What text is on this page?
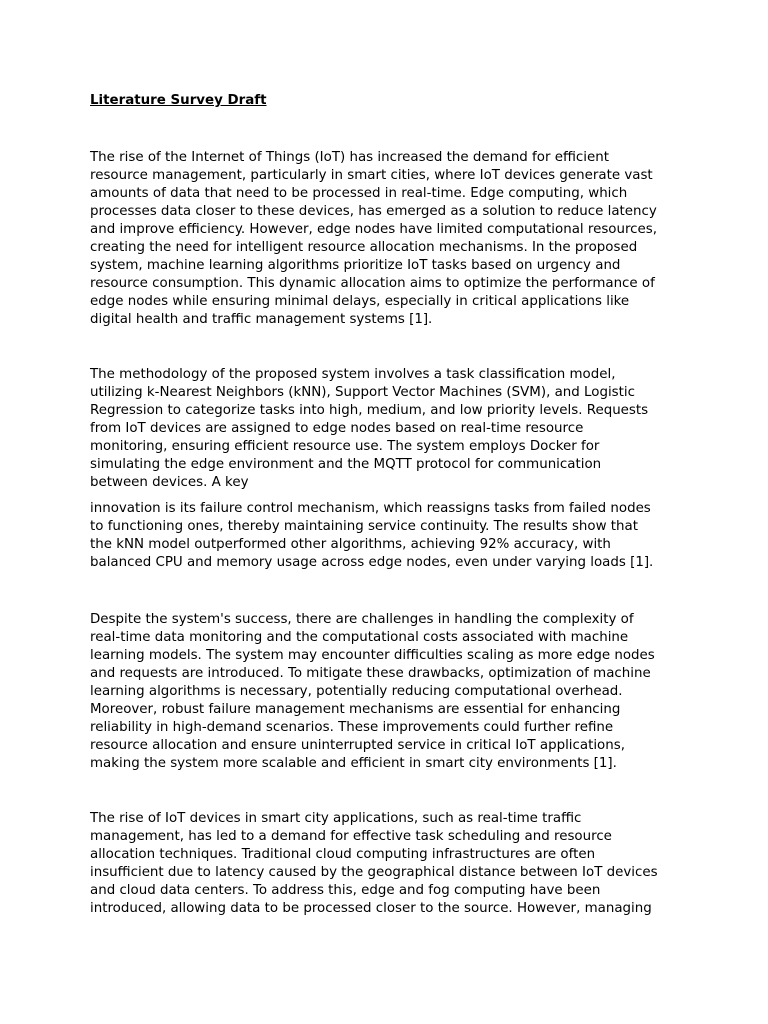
Literature Survey Draft

The rise of the Internet of Things (IoT) has increased the demand for efficient
resource management, particularly in smart cities, where IoT devices generate vast
amounts of data that need to be processed in real-time. Edge computing, which
processes data closer to these devices, has emerged as a solution to reduce latency
and improve efficiency. However, edge nodes have limited computational resources,
creating the need for intelligent resource allocation mechanisms. In the proposed
system, machine learning algorithms prioritize IoT tasks based on urgency and
resource consumption. This dynamic allocation aims to optimize the performance of
edge nodes while ensuring minimal delays, especially in critical applications like
digital health and traffic management systems [1].

The methodology of the proposed system involves a task classification model,
utilizing k-Nearest Neighbors (kNN), Support Vector Machines (SVM), and Logistic
Regression to categorize tasks into high, medium, and low priority levels. Requests
from IoT devices are assigned to edge nodes based on real-time resource
monitoring, ensuring efficient resource use. The system employs Docker for
simulating the edge environment and the MQTT protocol for communication
between devices. A key

innovation is its failure control mechanism, which reassigns tasks from failed nodes
to functioning ones, thereby maintaining service continuity. The results show that
the kNN model outperformed other algorithms, achieving 92% accuracy, with
balanced CPU and memory usage across edge nodes, even under varying loads [1].

Despite the system's success, there are challenges in handling the complexity of
real-time data monitoring and the computational costs associated with machine
learning models. The system may encounter difficulties scaling as more edge nodes
and requests are introduced. To mitigate these drawbacks, optimization of machine
learning algorithms is necessary, potentially reducing computational overhead.
Moreover, robust failure management mechanisms are essential for enhancing
reliability in high-demand scenarios. These improvements could further refine
resource allocation and ensure uninterrupted service in critical IoT applications,
making the system more scalable and efficient in smart city environments [1].

The rise of IoT devices in smart city applications, such as real-time traffic
management, has led to a demand for effective task scheduling and resource
allocation techniques. Traditional cloud computing infrastructures are often
insufficient due to latency caused by the geographical distance between IoT devices
and cloud data centers. To address this, edge and fog computing have been
introduced, allowing data to be processed closer to the source. However, managing
